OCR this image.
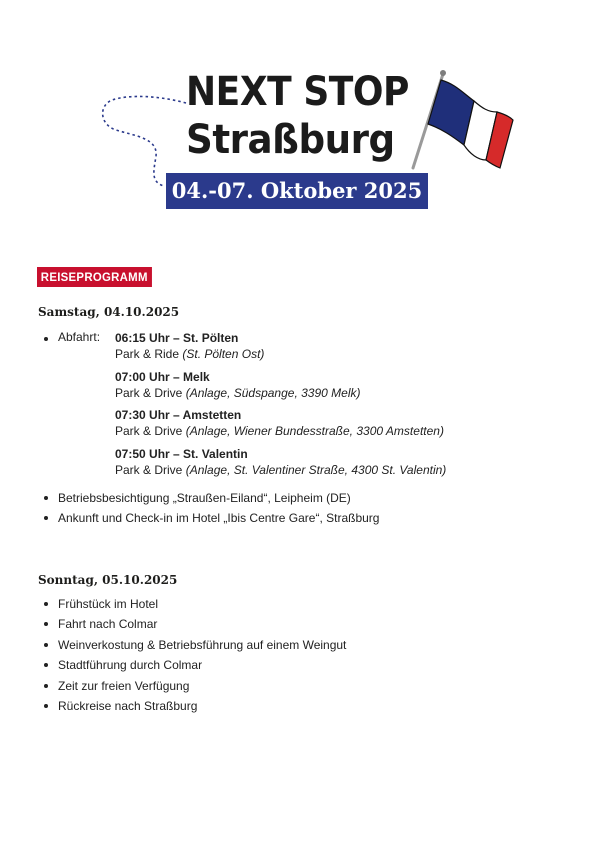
NEXT STOP
Straßburg
04.-07. Oktober 2025
REISEPROGRAMM
Samstag, 04.10.2025
Abfahrt: 06:15 Uhr – St. Pölten
Park & Ride (St. Pölten Ost)
07:00 Uhr – Melk
Park & Drive (Anlage, Südspange, 3390 Melk)
07:30 Uhr – Amstetten
Park & Drive (Anlage, Wiener Bundesstraße, 3300 Amstetten)
07:50 Uhr – St. Valentin
Park & Drive (Anlage, St. Valentiner Straße, 4300 St. Valentin)
Betriebsbesichtigung „Straußen-Eiland“, Leipheim (DE)
Ankunft und Check-in im Hotel „Ibis Centre Gare“, Straßburg
Sonntag, 05.10.2025
Frühstück im Hotel
Fahrt nach Colmar
Weinverkostung & Betriebsführung auf einem Weingut
Stadtführung durch Colmar
Zeit zur freien Verfügung
Rückreise nach Straßburg
